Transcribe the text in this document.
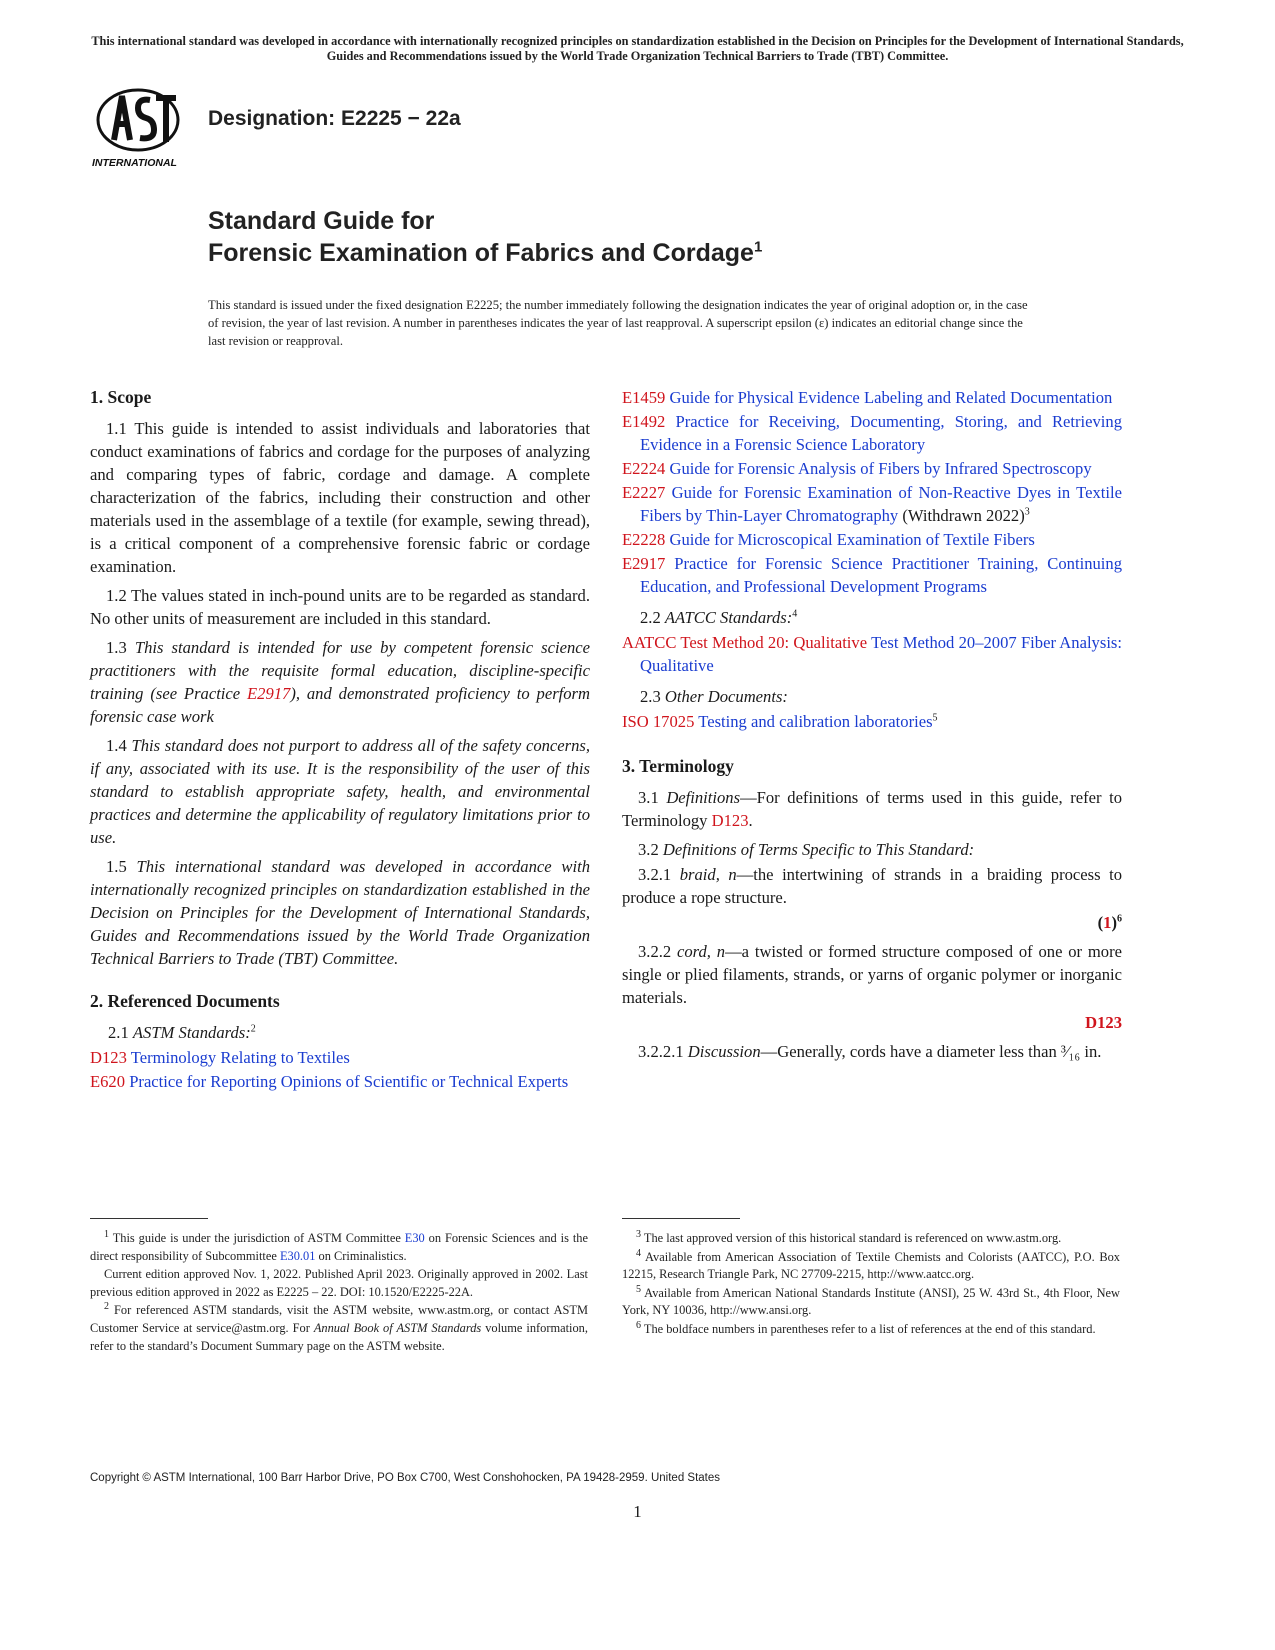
This international standard was developed in accordance with internationally recognized principles on standardization established in the Decision on Principles for the Development of International Standards, Guides and Recommendations issued by the World Trade Organization Technical Barriers to Trade (TBT) Committee.
INTERNATIONAL
Designation: E2225 − 22a
Standard Guide for
Forensic Examination of Fabrics and Cordage$^1$
This standard is issued under the fixed designation E2225; the number immediately following the designation indicates the year of original adoption or, in the case of revision, the year of last revision. A number in parentheses indicates the year of last reapproval. A superscript epsilon (ε) indicates an editorial change since the last revision or reapproval.

1. Scope

1.1 This guide is intended to assist individuals and laboratories that conduct examinations of fabrics and cordage for the purposes of analyzing and comparing types of fabric, cordage and damage. A complete characterization of the fabrics, including their construction and other materials used in the assemblage of a textile (for example, sewing thread), is a critical component of a comprehensive forensic fabric or cordage examination.

1.2 The values stated in inch-pound units are to be regarded as standard. No other units of measurement are included in this standard.

1.3 This standard is intended for use by competent forensic science practitioners with the requisite formal education, discipline-specific training (see Practice E2917), and demonstrated proficiency to perform forensic case work

1.4 This standard does not purport to address all of the safety concerns, if any, associated with its use. It is the responsibility of the user of this standard to establish appropriate safety, health, and environmental practices and determine the applicability of regulatory limitations prior to use.

1.5 This international standard was developed in accordance with internationally recognized principles on standardization established in the Decision on Principles for the Development of International Standards, Guides and Recommendations issued by the World Trade Organization Technical Barriers to Trade (TBT) Committee.

2. Referenced Documents

2.1 ASTM Standards:$^2$

D123 Terminology Relating to Textiles

E620 Practice for Reporting Opinions of Scientific or Technical Experts

E1459 Guide for Physical Evidence Labeling and Related Documentation

E1492 Practice for Receiving, Documenting, Storing, and Retrieving Evidence in a Forensic Science Laboratory

E2224 Guide for Forensic Analysis of Fibers by Infrared Spectroscopy

E2227 Guide for Forensic Examination of Non-Reactive Dyes in Textile Fibers by Thin-Layer Chromatography (Withdrawn 2022)$^3$

E2228 Guide for Microscopical Examination of Textile Fibers

E2917 Practice for Forensic Science Practitioner Training, Continuing Education, and Professional Development Programs

2.2 AATCC Standards:$^4$

AATCC Test Method 20: Qualitative Test Method 20–2007 Fiber Analysis: Qualitative

2.3 Other Documents:

ISO 17025 Testing and calibration laboratories$^5$

3. Terminology

3.1 Definitions—For definitions of terms used in this guide, refer to Terminology D123.

3.2 Definitions of Terms Specific to This Standard:

3.2.1 braid, n—the intertwining of strands in a braiding process to produce a rope structure.

$(1)^6$

3.2.2 cord, n—a twisted or formed structure composed of one or more single or plied filaments, strands, or yarns of organic polymer or inorganic materials.

D123

3.2.2.1 Discussion—Generally, cords have a diameter less than ³⁄₁₆ in.

$^1$ This guide is under the jurisdiction of ASTM Committee E30 on Forensic Sciences and is the direct responsibility of Subcommittee E30.01 on Criminalistics.

Current edition approved Nov. 1, 2022. Published April 2023. Originally approved in 2002. Last previous edition approved in 2022 as E2225 – 22. DOI: 10.1520/E2225-22A.

$^2$ For referenced ASTM standards, visit the ASTM website, www.astm.org, or contact ASTM Customer Service at service@astm.org. For Annual Book of ASTM Standards volume information, refer to the standard’s Document Summary page on the ASTM website.

$^3$ The last approved version of this historical standard is referenced on www.astm.org.

$^4$ Available from American Association of Textile Chemists and Colorists (AATCC), P.O. Box 12215, Research Triangle Park, NC 27709-2215, http://www.aatcc.org.

$^5$ Available from American National Standards Institute (ANSI), 25 W. 43rd St., 4th Floor, New York, NY 10036, http://www.ansi.org.

$^6$ The boldface numbers in parentheses refer to a list of references at the end of this standard.

Copyright © ASTM International, 100 Barr Harbor Drive, PO Box C700, West Conshohocken, PA 19428-2959. United States
1
